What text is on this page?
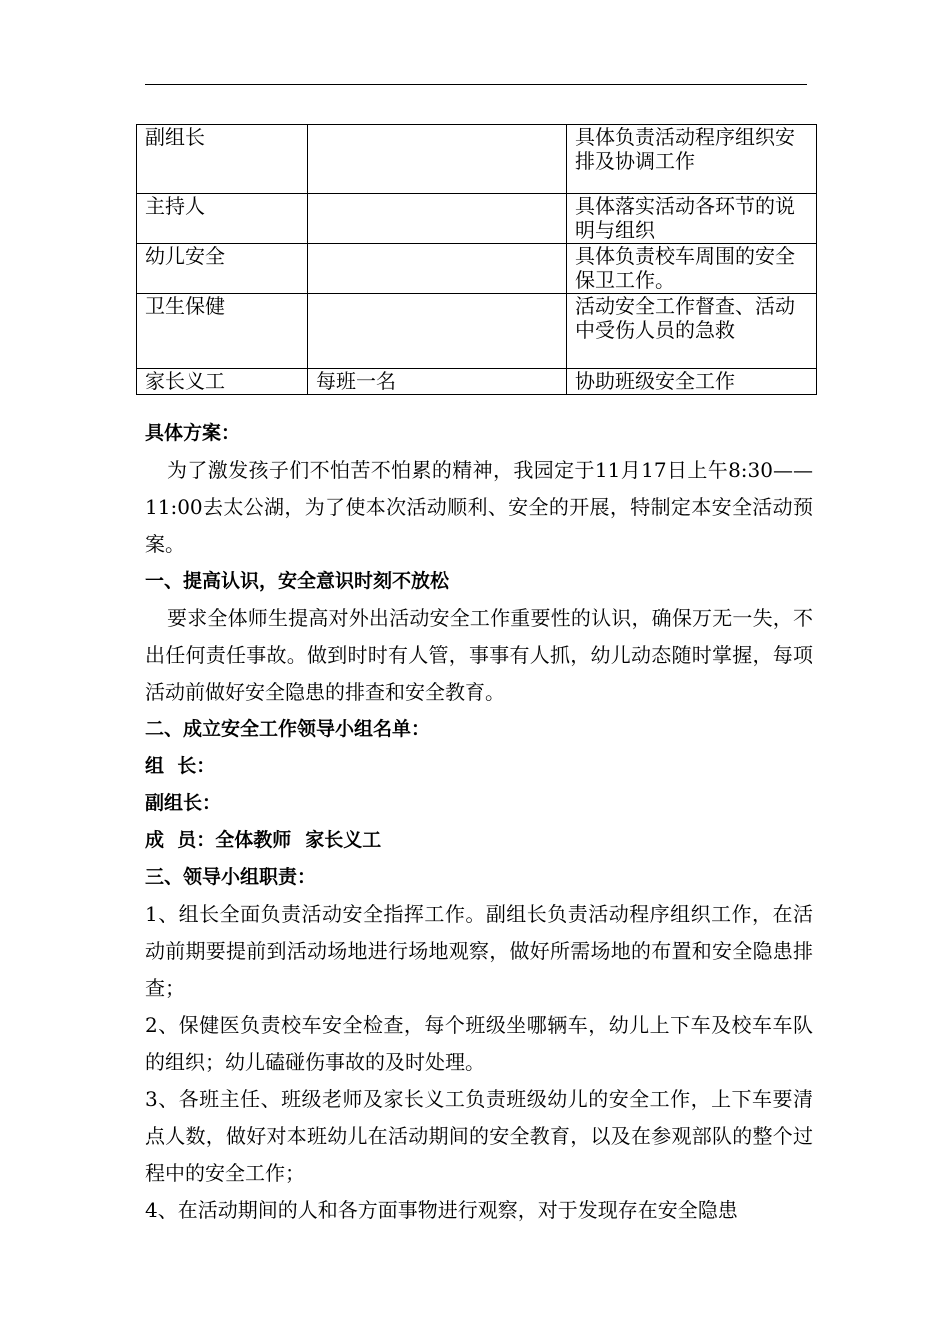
副组长		具体负责活动程序组织安排及协调工作
主持人		具体落实活动各环节的说明与组织
幼儿安全		具体负责校车周围的安全保卫工作。
卫生保健		活动安全工作督查、活动中受伤人员的急救
家长义工	每班一名	协助班级安全工作

具体方案：

为了激发孩子们不怕苦不怕累的精神，我园定于11月17日上午8:30——11:00去太公湖，为了使本次活动顺利、安全的开展，特制定本安全活动预案。

一、提高认识，安全意识时刻不放松

要求全体师生提高对外出活动安全工作重要性的认识，确保万无一失，不出任何责任事故。做到时时有人管，事事有人抓，幼儿动态随时掌握，每项活动前做好安全隐患的排查和安全教育。

二、成立安全工作领导小组名单：

组  长：

副组长：

成  员：全体教师 家长义工

三、领导小组职责：

1、组长全面负责活动安全指挥工作。副组长负责活动程序组织工作，在活动前期要提前到活动场地进行场地观察，做好所需场地的布置和安全隐患排查；

2、保健医负责校车安全检查，每个班级坐哪辆车，幼儿上下车及校车车队的组织；幼儿磕碰伤事故的及时处理。

3、各班主任、班级老师及家长义工负责班级幼儿的安全工作，上下车要清点人数，做好对本班幼儿在活动期间的安全教育，以及在参观部队的整个过程中的安全工作；

4、在活动期间的人和各方面事物进行观察，对于发现存在安全隐患
